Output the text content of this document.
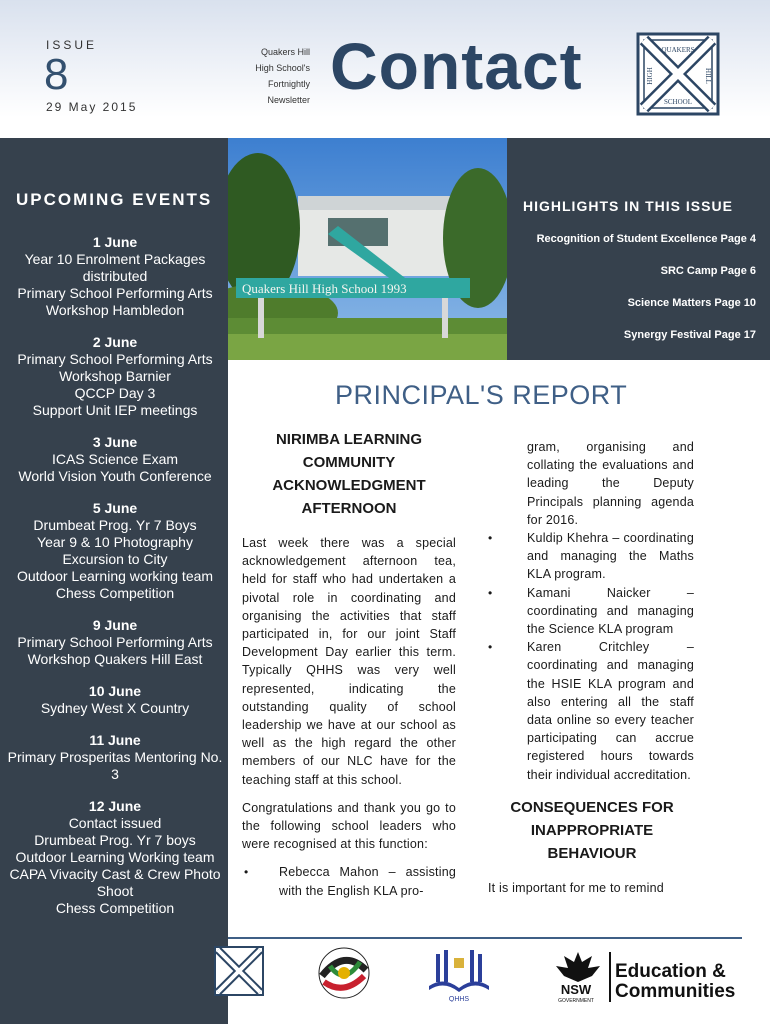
ISSUE
8
29 May 2015
Quakers Hill
High School's
Fortnightly
Newsletter Contact	QUAKERS
HILL
HIGH
SCHOOL
UPCOMING EVENTS
1 June
Year 10 Enrolment Packages distributed
Primary School Performing Arts Workshop Hambledon
2 June
Primary School Performing Arts Workshop Barnier
QCCP Day 3
Support Unit IEP meetings
3 June
ICAS Science Exam
World Vision Youth Conference
5 June
Drumbeat Prog. Yr 7 Boys
Year 9 & 10 Photography Excursion to City
Outdoor Learning working team
Chess Competition
9 June
Primary School Performing Arts Workshop Quakers Hill East
10 June
Sydney West X Country
11 June
Primary Prosperitas Mentoring No. 3
12 June
Contact issued
Drumbeat Prog. Yr 7 boys
Outdoor Learning Working team
CAPA Vivacity Cast & Crew Photo Shoot
Chess Competition
Quakers Hill High School 1993
HIGHLIGHTS IN THIS ISSUE
Recognition of Student Excellence Page 4
SRC Camp Page 6
Science Matters Page 10
Synergy Festival Page 17
PRINCIPAL'S REPORT
NIRIMBA LEARNING COMMUNITY ACKNOWLEDGMENT AFTERNOON

Last week there was a special acknowledgement afternoon tea, held for staff who had undertaken a pivotal role in coordinating and organising the activities that staff participated in, for our joint Staff Development Day earlier this term. Typically QHHS was very well represented, indicating the outstanding quality of school leadership we have at our school as well as the high regard the other members of our NLC have for the teaching staff at this school.

Congratulations and thank you go to the following school leaders who were recognised at this function:

• Rebecca Mahon – assisting with the English KLA pro-
gram, organising and collating the evaluations and leading the Deputy Principals planning agenda for 2016.
• Kuldip Khehra – coordinating and managing the Maths KLA program.
• Kamani Naicker – coordinating and managing the Science KLA program
• Karen Critchley – coordinating and managing the HSIE KLA program and also entering all the staff data online so every teacher participating can accrue registered hours towards their individual accreditation.
CONSEQUENCES FOR INAPPROPRIATE BEHAVIOUR

It is important for me to remind

QHHS
NSW
GOVERNMENT
Education &
Communities
